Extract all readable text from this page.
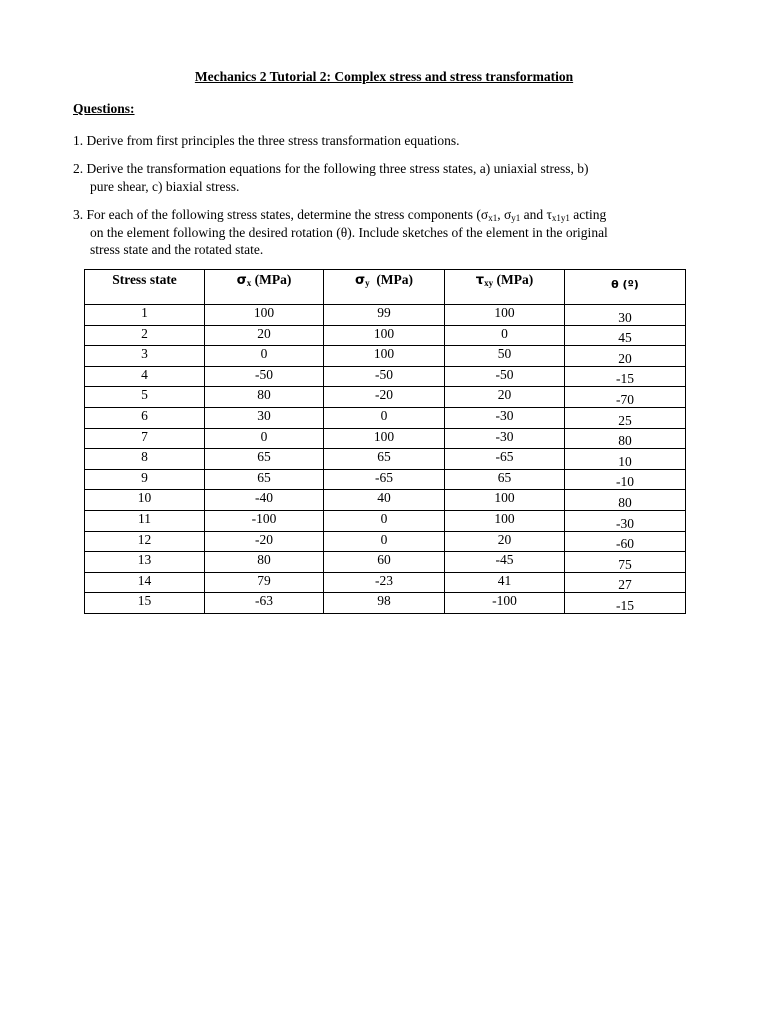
Mechanics 2 Tutorial 2: Complex stress and stress transformation
Questions:
1. Derive from first principles the three stress transformation equations.
2. Derive the transformation equations for the following three stress states, a) uniaxial stress, b)
pure shear, c) biaxial stress.
3. For each of the following stress states, determine the stress components ($\sigma_{x1}$, $\sigma_{y1}$ and $\tau_{x1y1}$ acting
on the element following the desired rotation (θ). Include sketches of the element in the original
stress state and the rotated state.
Stress state	$\sigma_x$ (MPa)	$\sigma_y$  (MPa)	$\tau_{xy}$ (MPa)	θ (º)
1	100	99	100	30
2	20	100	0	45
3	0	100	50	20
4	-50	-50	-50	-15
5	80	-20	20	-70
6	30	0	-30	25
7	0	100	-30	80
8	65	65	-65	10
9	65	-65	65	-10
10	-40	40	100	80
11	-100	0	100	-30
12	-20	0	20	-60
13	80	60	-45	75
14	79	-23	41	27
15	-63	98	-100	-15
